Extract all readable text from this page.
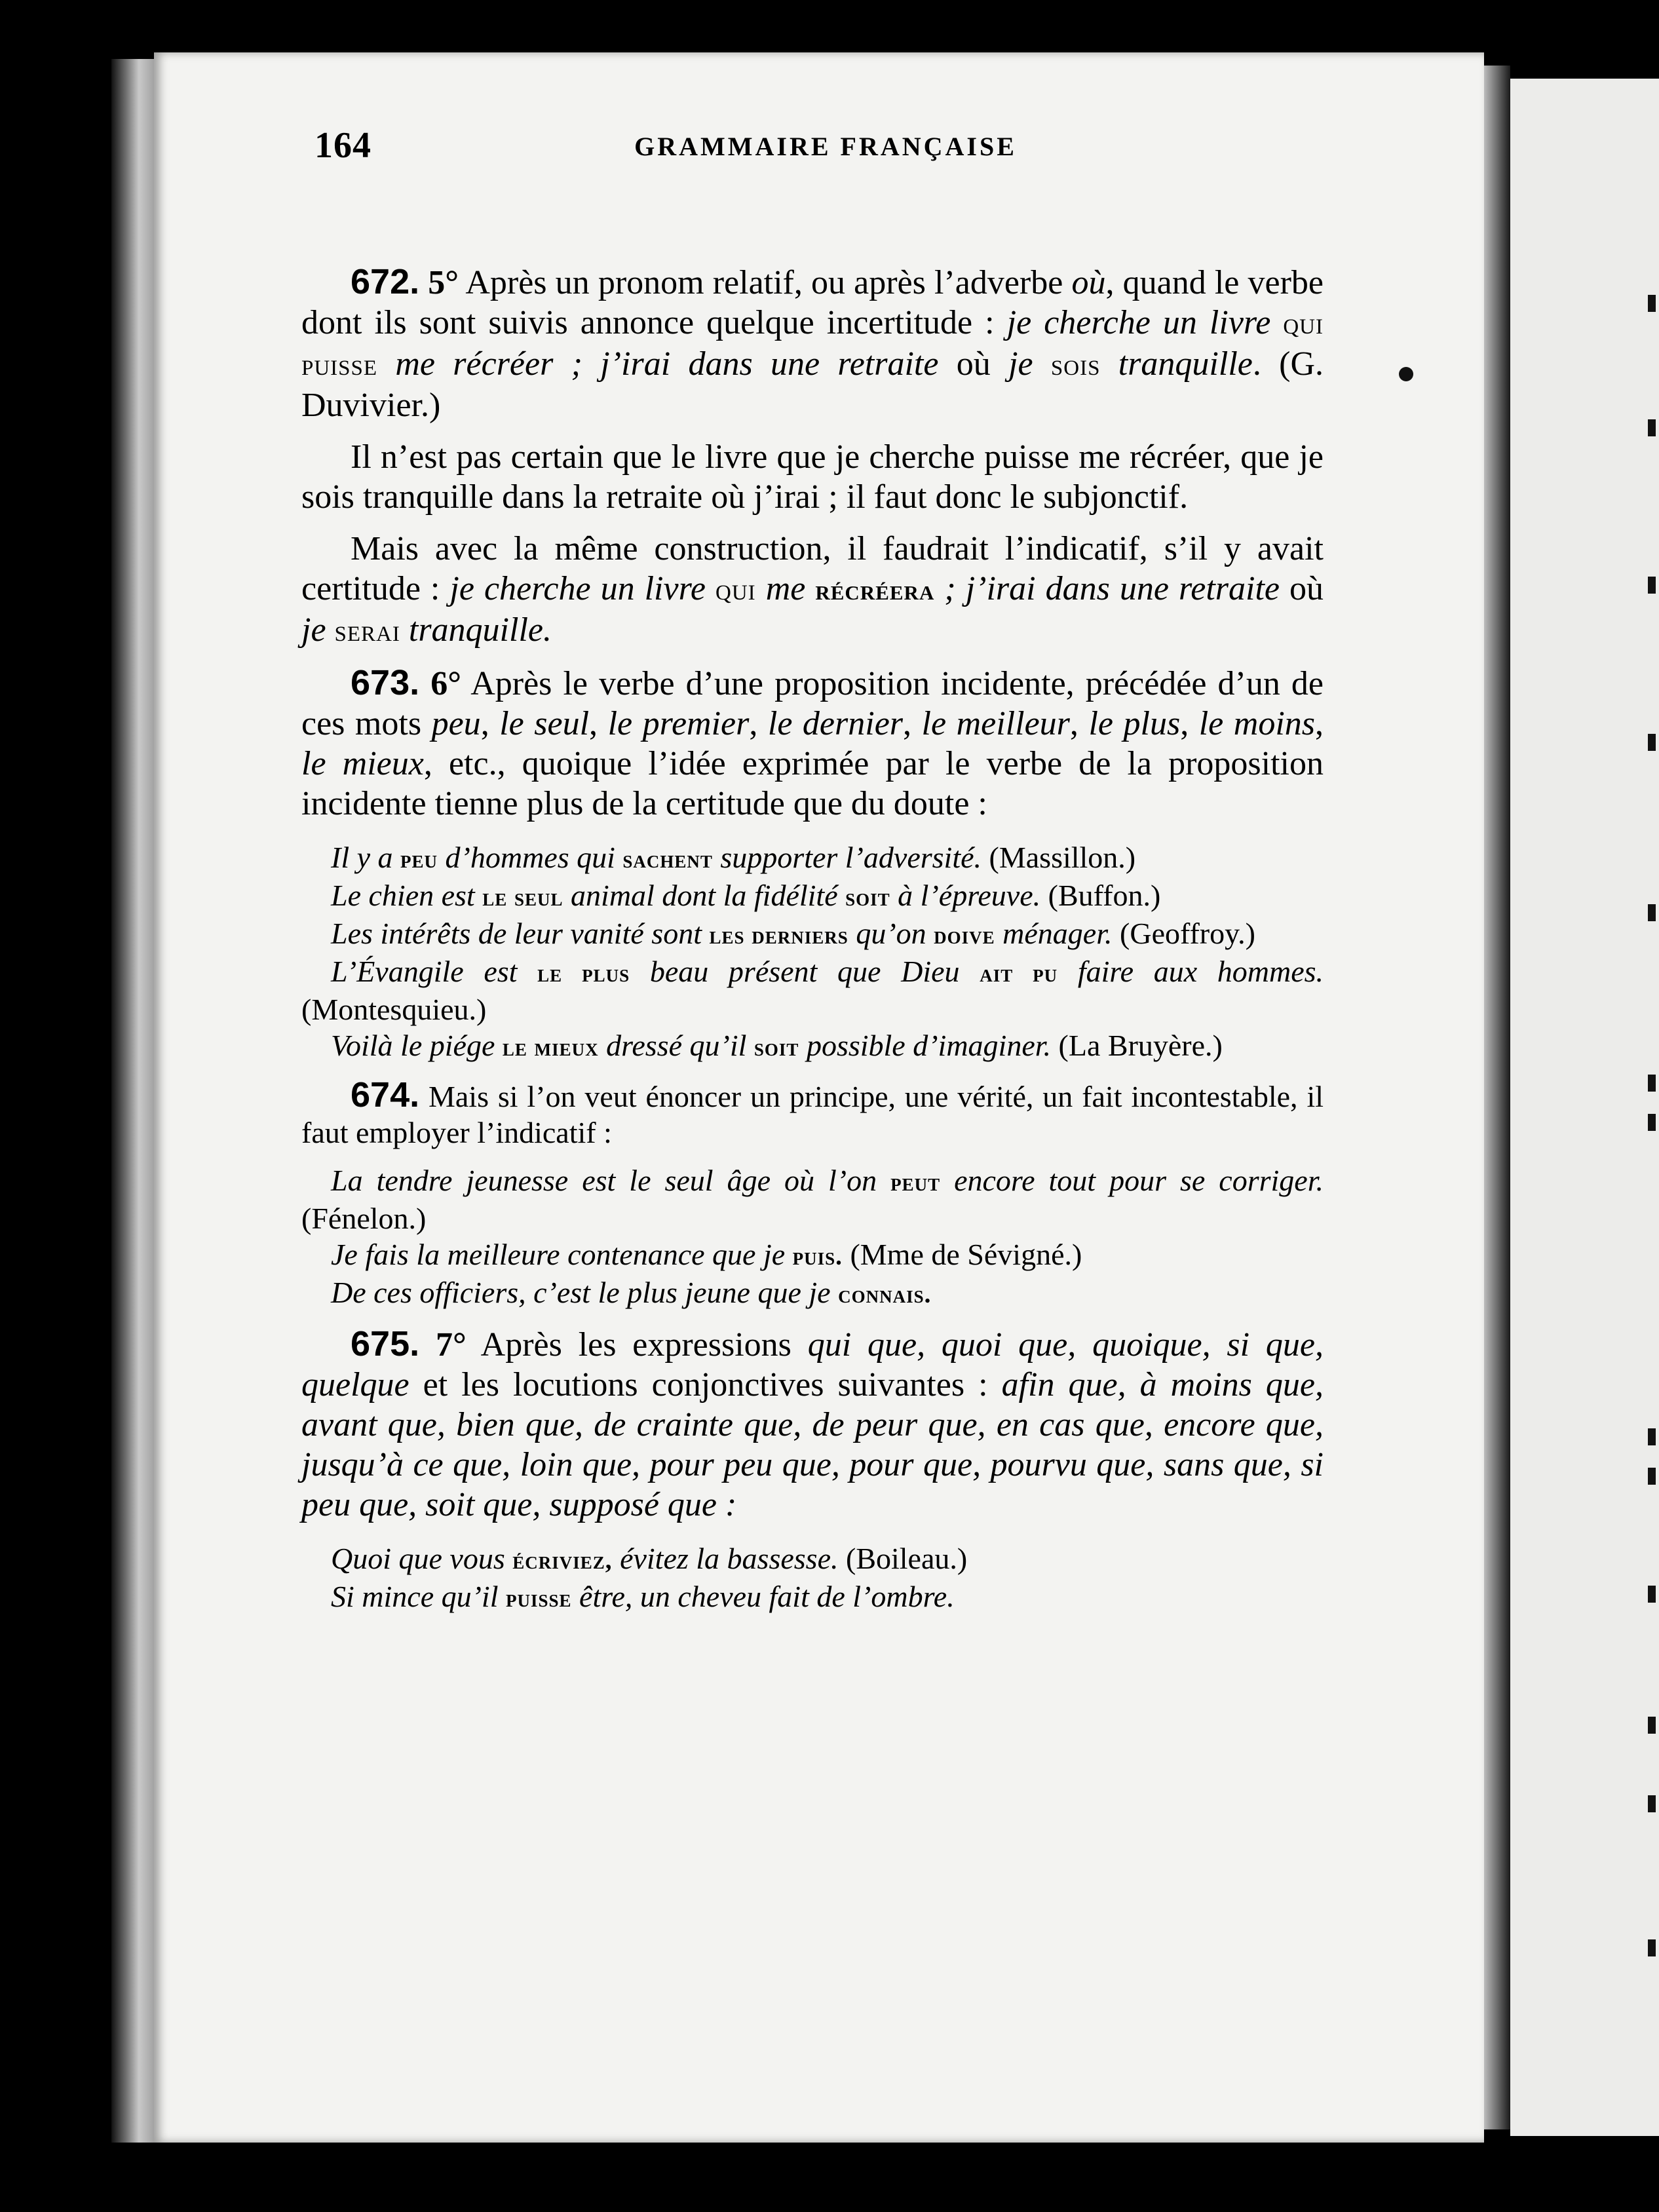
164	GRAMMAIRE FRANÇAISE

672. 5° Après un pronom relatif, ou après l’adverbe où, quand le verbe dont ils sont suivis annonce quelque incertitude : je cherche un livre qui puisse me récréer ; j’irai dans une retraite où je sois tranquille. (G. Duvivier.)

Il n’est pas certain que le livre que je cherche puisse me récréer, que je sois tranquille dans la retraite où j’irai ; il faut donc le subjonctif.

Mais avec la même construction, il faudrait l’indicatif, s’il y avait certitude : je cherche un livre qui me récréera ; j’irai dans une retraite où je serai tranquille.

673. 6° Après le verbe d’une proposition incidente, précédée d’un de ces mots peu, le seul, le premier, le dernier, le meilleur, le plus, le moins, le mieux, etc., quoique l’idée exprimée par le verbe de la proposition incidente tienne plus de la certitude que du doute :

Il y a peu d’hommes qui sachent supporter l’adversité. (Massillon.)

Le chien est le seul animal dont la fidélité soit à l’épreuve. (Buffon.)

Les intérêts de leur vanité sont les derniers qu’on doive ménager. (Geoffroy.)

L’Évangile est le plus beau présent que Dieu ait pu faire aux hommes. (Montesquieu.)

Voilà le piége le mieux dressé qu’il soit possible d’imaginer. (La Bruyère.)

674. Mais si l’on veut énoncer un principe, une vérité, un fait incontestable, il faut employer l’indicatif :

La tendre jeunesse est le seul âge où l’on peut encore tout pour se corriger. (Fénelon.)

Je fais la meilleure contenance que je puis. (Mme de Sévigné.)

De ces officiers, c’est le plus jeune que je connais.

675. 7° Après les expressions qui que, quoi que, quoique, si que, quelque et les locutions conjonctives suivantes : afin que, à moins que, avant que, bien que, de crainte que, de peur que, en cas que, encore que, jusqu’à ce que, loin que, pour peu que, pour que, pourvu que, sans que, si peu que, soit que, supposé que :

Quoi que vous écriviez, évitez la bassesse. (Boileau.)

Si mince qu’il puisse être, un cheveu fait de l’ombre.
